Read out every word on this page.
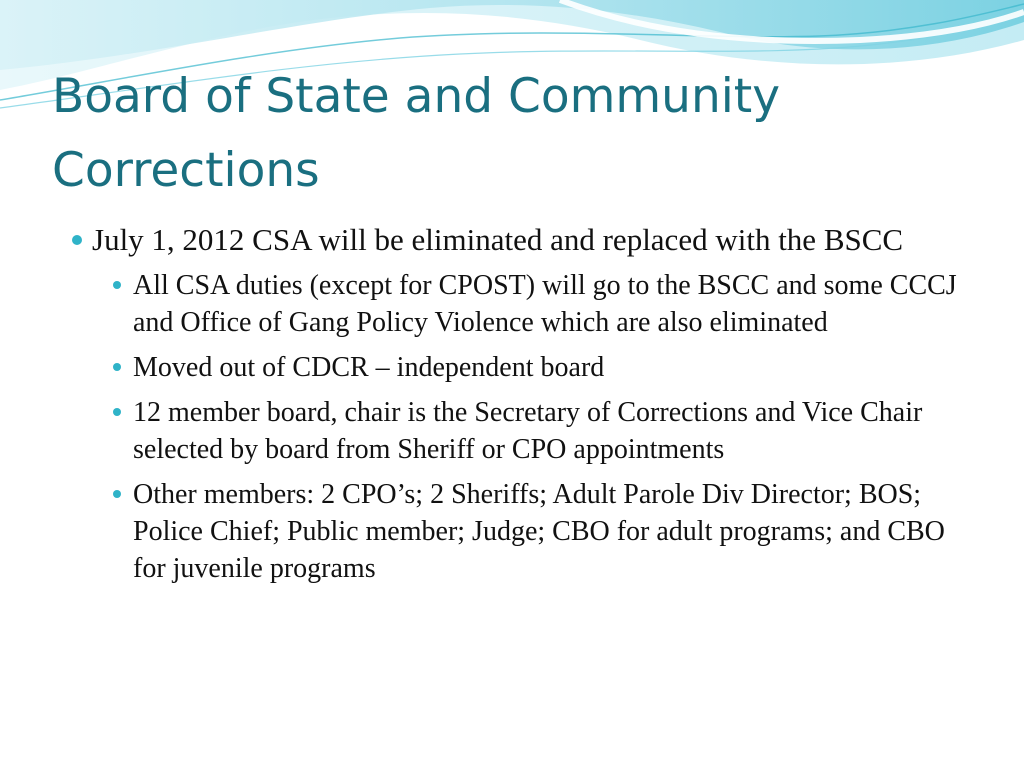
Board of State and Community Corrections
July 1, 2012 CSA will be eliminated and replaced with the BSCC
All CSA duties (except for CPOST) will go to the BSCC and some CCCJ and Office of Gang Policy Violence which are also eliminated
Moved out of CDCR – independent board
12 member board, chair is the Secretary of Corrections and Vice Chair selected by board from Sheriff or CPO appointments
Other members: 2 CPO’s; 2 Sheriffs; Adult Parole Div Director; BOS; Police Chief; Public member; Judge; CBO for adult programs; and CBO for juvenile programs
